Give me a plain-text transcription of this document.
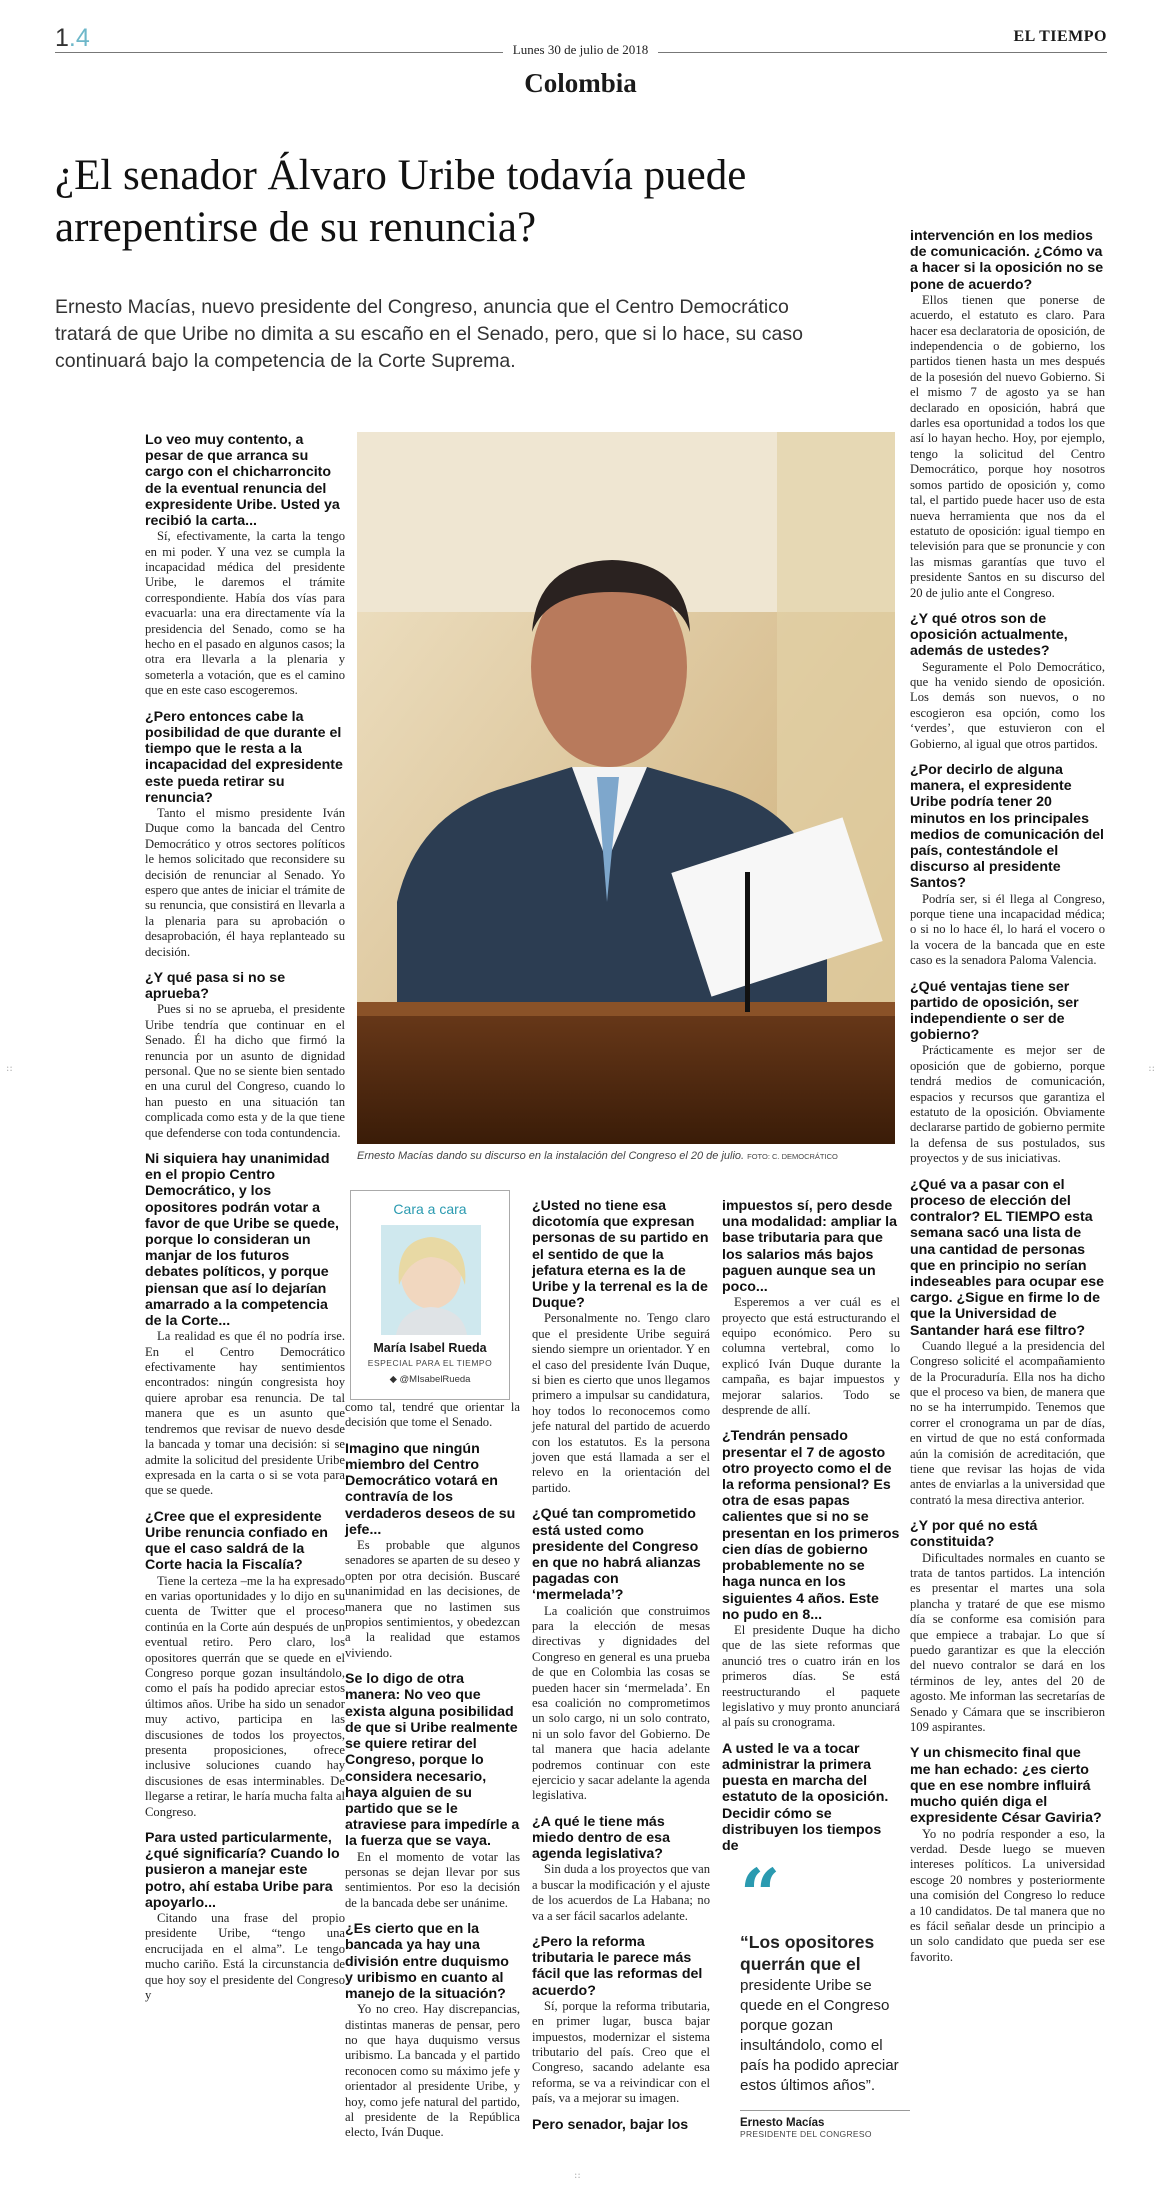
1.4	EL TIEMPO
Lunes 30 de julio de 2018
Colombia
¿El senador Álvaro Uribe todavía puede arrepentirse de su renuncia?
Ernesto Macías, nuevo presidente del Congreso, anuncia que el Centro Democrático tratará de que Uribe no dimita a su escaño en el Senado, pero, que si lo hace, su caso continuará bajo la competencia de la Corte Suprema.

Lo veo muy contento, a pesar de que arranca su cargo con el chicharroncito de la eventual renuncia del expresidente Uribe. Usted ya recibió la carta...

Sí, efectivamente, la carta la tengo en mi poder. Y una vez se cumpla la incapacidad médica del presidente Uribe, le daremos el trámite correspondiente. Había dos vías para evacuarla: una era directamente vía la presidencia del Senado, como se ha hecho en el pasado en algunos casos; la otra era llevarla a la plenaria y someterla a votación, que es el camino que en este caso escogeremos.

¿Pero entonces cabe la posibilidad de que durante el tiempo que le resta a la incapacidad del expresidente este pueda retirar su renuncia?

Tanto el mismo presidente Iván Duque como la bancada del Centro Democrático y otros sectores políticos le hemos solicitado que reconsidere su decisión de renunciar al Senado. Yo espero que antes de iniciar el trámite de su renuncia, que consistirá en llevarla a la plenaria para su aprobación o desaprobación, él haya replanteado su decisión.

¿Y qué pasa si no se aprueba?

Pues si no se aprueba, el presidente Uribe tendría que continuar en el Senado. Él ha dicho que firmó la renuncia por un asunto de dignidad personal. Que no se siente bien sentado en una curul del Congreso, cuando lo han puesto en una situación tan complicada como esta y de la que tiene que defenderse con toda contundencia.

Ni siquiera hay unanimidad en el propio Centro Democrático, y los opositores podrán votar a favor de que Uribe se quede, porque lo consideran un manjar de los futuros debates políticos, y porque piensan que así lo dejarían amarrado a la competencia de la Corte...

La realidad es que él no podría irse. En el Centro Democrático efectivamente hay sentimientos encontrados: ningún congresista hoy quiere aprobar esa renuncia. De tal manera que es un asunto que tendremos que revisar de nuevo desde la bancada y tomar una decisión: si se admite la solicitud del presidente Uribe expresada en la carta o si se vota para que se quede.

¿Cree que el expresidente Uribe renuncia confiado en que el caso saldrá de la Corte hacia la Fiscalía?

Tiene la certeza –me la ha expresado en varias oportunidades y lo dijo en su cuenta de Twitter que el proceso continúa en la Corte aún después de un eventual retiro. Pero claro, los opositores querrán que se quede en el Congreso porque gozan insultándolo, como el país ha podido apreciar estos últimos años. Uribe ha sido un senador muy activo, participa en las discusiones de todos los proyectos, presenta proposiciones, ofrece inclusive soluciones cuando hay discusiones de esas interminables. De llegarse a retirar, le haría mucha falta al Congreso.

Para usted particularmente, ¿qué significaría? Cuando lo pusieron a manejar este potro, ahí estaba Uribe para apoyarlo...

Citando una frase del propio presidente Uribe, “tengo una encrucijada en el alma”. Le tengo mucho cariño. Está la circunstancia de que hoy soy el presidente del Congreso y

Ernesto Macías dando su discurso en la instalación del Congreso el 20 de julio. FOTO: C. DEMOCRÁTICO
Cara a cara
María Isabel Rueda
ESPECIAL PARA EL TIEMPO
◆ @MIsabelRueda

como tal, tendré que orientar la decisión que tome el Senado.

Imagino que ningún miembro del Centro Democrático votará en contravía de los verdaderos deseos de su jefe...

Es probable que algunos senadores se aparten de su deseo y opten por otra decisión. Buscaré unanimidad en las decisiones, de manera que no lastimen sus propios sentimientos, y obedezcan a la realidad que estamos viviendo.

Se lo digo de otra manera: No veo que exista alguna posibilidad de que si Uribe realmente se quiere retirar del Congreso, porque lo considera necesario, haya alguien de su partido que se le atraviese para impedírle a la fuerza que se vaya.

En el momento de votar las personas se dejan llevar por sus sentimientos. Por eso la decisión de la bancada debe ser unánime.

¿Es cierto que en la bancada ya hay una división entre duquismo y uribismo en cuanto al manejo de la situación?

Yo no creo. Hay discrepancias, distintas maneras de pensar, pero no que haya duquismo versus uribismo. La bancada y el partido reconocen como su máximo jefe y orientador al presidente Uribe, y hoy, como jefe natural del partido, al presidente de la República electo, Iván Duque.

¿Usted no tiene esa dicotomía que expresan personas de su partido en el sentido de que la jefatura eterna es la de Uribe y la terrenal es la de Duque?

Personalmente no. Tengo claro que el presidente Uribe seguirá siendo siempre un orientador. Y en el caso del presidente Iván Duque, si bien es cierto que unos llegamos primero a impulsar su candidatura, hoy todos lo reconocemos como jefe natural del partido de acuerdo con los estatutos. Es la persona joven que está llamada a ser el relevo en la orientación del partido.

¿Qué tan comprometido está usted como presidente del Congreso en que no habrá alianzas pagadas con ‘mermelada’?

La coalición que construimos para la elección de mesas directivas y dignidades del Congreso en general es una prueba de que en Colombia las cosas se pueden hacer sin ‘mermelada’. En esa coalición no comprometimos un solo cargo, ni un solo contrato, ni un solo favor del Gobierno. De tal manera que hacia adelante podremos continuar con este ejercicio y sacar adelante la agenda legislativa.

¿A qué le tiene más miedo dentro de esa agenda legislativa?

Sin duda a los proyectos que van a buscar la modificación y el ajuste de los acuerdos de La Habana; no va a ser fácil sacarlos adelante.

¿Pero la reforma tributaria le parece más fácil que las reformas del acuerdo?

Sí, porque la reforma tributaria, en primer lugar, busca bajar impuestos, modernizar el sistema tributario del país. Creo que el Congreso, sacando adelante esa reforma, se va a reivindicar con el país, va a mejorar su imagen.

Pero senador, bajar los

impuestos sí, pero desde una modalidad: ampliar la base tributaria para que los salarios más bajos paguen aunque sea un poco...

Esperemos a ver cuál es el proyecto que está estructurando el equipo económico. Pero su columna vertebral, como lo explicó Iván Duque durante la campaña, es bajar impuestos y mejorar salarios. Todo se desprende de allí.

¿Tendrán pensado presentar el 7 de agosto otro proyecto como el de la reforma pensional? Es otra de esas papas calientes que si no se presentan en los primeros cien días de gobierno probablemente no se haga nunca en los siguientes 4 años. Este no pudo en 8...

El presidente Duque ha dicho que de las siete reformas que anunció tres o cuatro irán en los primeros días. Se está reestructurando el paquete legislativo y muy pronto anunciará al país su cronograma.

A usted le va a tocar administrar la primera puesta en marcha del estatuto de la oposición. Decidir cómo se distribuyen los tiempos de

“
“Los opositores
querrán que el presidente Uribe se quede en el Congreso porque gozan insultándolo, como el país ha podido apreciar estos últimos años”.
Ernesto Macías
PRESIDENTE DEL CONGRESO

intervención en los medios de comunicación. ¿Cómo va a hacer si la oposición no se pone de acuerdo?

Ellos tienen que ponerse de acuerdo, el estatuto es claro. Para hacer esa declaratoria de oposición, de independencia o de gobierno, los partidos tienen hasta un mes después de la posesión del nuevo Gobierno. Si el mismo 7 de agosto ya se han declarado en oposición, habrá que darles esa oportunidad a todos los que así lo hayan hecho. Hoy, por ejemplo, tengo la solicitud del Centro Democrático, porque hoy nosotros somos partido de oposición y, como tal, el partido puede hacer uso de esta nueva herramienta que nos da el estatuto de oposición: igual tiempo en televisión para que se pronuncie y con las mismas garantías que tuvo el presidente Santos en su discurso del 20 de julio ante el Congreso.

¿Y qué otros son de oposición actualmente, además de ustedes?

Seguramente el Polo Democrático, que ha venido siendo de oposición. Los demás son nuevos, o no escogieron esa opción, como los ‘verdes’, que estuvieron con el Gobierno, al igual que otros partidos.

¿Por decirlo de alguna manera, el expresidente Uribe podría tener 20 minutos en los principales medios de comunicación del país, contestándole el discurso al presidente Santos?

Podría ser, si él llega al Congreso, porque tiene una incapacidad médica; o si no lo hace él, lo hará el vocero o la vocera de la bancada que en este caso es la senadora Paloma Valencia.

¿Qué ventajas tiene ser partido de oposición, ser independiente o ser de gobierno?

Prácticamente es mejor ser de oposición que de gobierno, porque tendrá medios de comunicación, espacios y recursos que garantiza el estatuto de la oposición. Obviamente declararse partido de gobierno permite la defensa de sus postulados, sus proyectos y de sus iniciativas.

¿Qué va a pasar con el proceso de elección del contralor? EL TIEMPO esta semana sacó una lista de una cantidad de personas que en principio no serían indeseables para ocupar ese cargo. ¿Sigue en firme lo de que la Universidad de Santander hará ese filtro?

Cuando llegué a la presidencia del Congreso solicité el acompañamiento de la Procuraduría. Ella nos ha dicho que el proceso va bien, de manera que no se ha interrumpido. Tenemos que correr el cronograma un par de días, en virtud de que no está conformada aún la comisión de acreditación, que tiene que revisar las hojas de vida antes de enviarlas a la universidad que contrató la mesa directiva anterior.

¿Y por qué no está constituida?

Dificultades normales en cuanto se trata de tantos partidos. La intención es presentar el martes una sola plancha y trataré de que ese mismo día se conforme esa comisión para que empiece a trabajar. Lo que sí puedo garantizar es que la elección del nuevo contralor se dará en los términos de ley, antes del 20 de agosto. Me informan las secretarías de Senado y Cámara que se inscribieron 109 aspirantes.

Y un chismecito final que me han echado: ¿es cierto que en ese nombre influirá mucho quién diga el expresidente César Gaviria?

Yo no podría responder a eso, la verdad. Desde luego se mueven intereses políticos. La universidad escoge 20 nombres y posteriormente una comisión del Congreso lo reduce a 10 candidatos. De tal manera que no es fácil señalar desde un principio a un solo candidato que pueda ser ese favorito.

::	::
::
